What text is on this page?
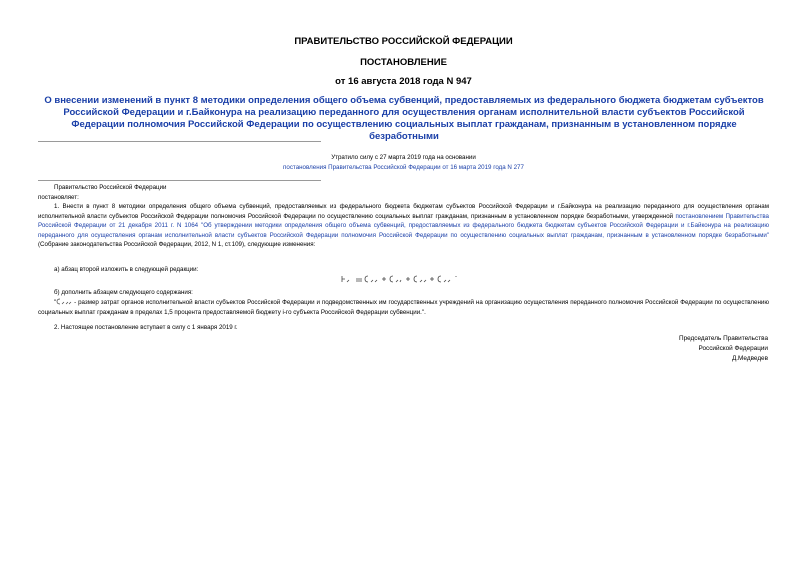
ПРАВИТЕЛЬСТВО РОССИЙСКОЙ ФЕДЕРАЦИИ
ПОСТАНОВЛЕНИЕ
от 16 августа 2018 года N 947
О внесении изменений в пункт 8 методики определения общего объема субвенций, предоставляемых из федерального бюджета бюджетам субъектов Российской Федерации и г.Байконура на реализацию переданного для осуществления органам исполнительной власти субъектов Российской Федерации полномочия Российской Федерации по осуществлению социальных выплат гражданам, признанным в установленном порядке безработными
Утратило силу с 27 марта 2019 года на основании
постановления Правительства Российской Федерации от 16 марта 2019 года N 277
Правительство Российской Федерации
постановляет:
1. Внести в пункт 8 методики определения общего объема субвенций, предоставляемых из федерального бюджета бюджетам субъектов Российской Федерации и г.Байконура на реализацию переданного для осуществления органам исполнительной власти субъектов Российской Федерации полномочия Российской Федерации по осуществлению социальных выплат гражданам, признанным в установленном порядке безработными, утвержденной постановлением Правительства Российской Федерации от 21 декабря 2011 г. N 1064 "Об утверждении методики определения общего объема субвенций, предоставляемых из федерального бюджета бюджетам субъектов Российской Федерации и г.Байконура на реализацию переданного для осуществления органам исполнительной власти субъектов Российской Федерации полномочия Российской Федерации по осуществлению социальных выплат гражданам, признанным в установленном порядке безработными" (Собрание законодательства Российской Федерации, 2012, N 1, ст.109), следующие изменения:
а) абзац второй изложить в следующей редакции:
б) дополнить абзацем следующего содержания:
"	- размер затрат органов исполнительной власти субъектов Российской Федерации и подведомственных им государственных учреждений на организацию осуществления переданного полномочия Российской Федерации по осуществлению социальных выплат гражданам в пределах 1,5 процента предоставляемой бюджету i-го субъекта Российской Федерации субвенции.".
2. Настоящее постановление вступает в силу с 1 января 2019 г.
Председатель Правительства
Российской Федерации
Д.Медведев
